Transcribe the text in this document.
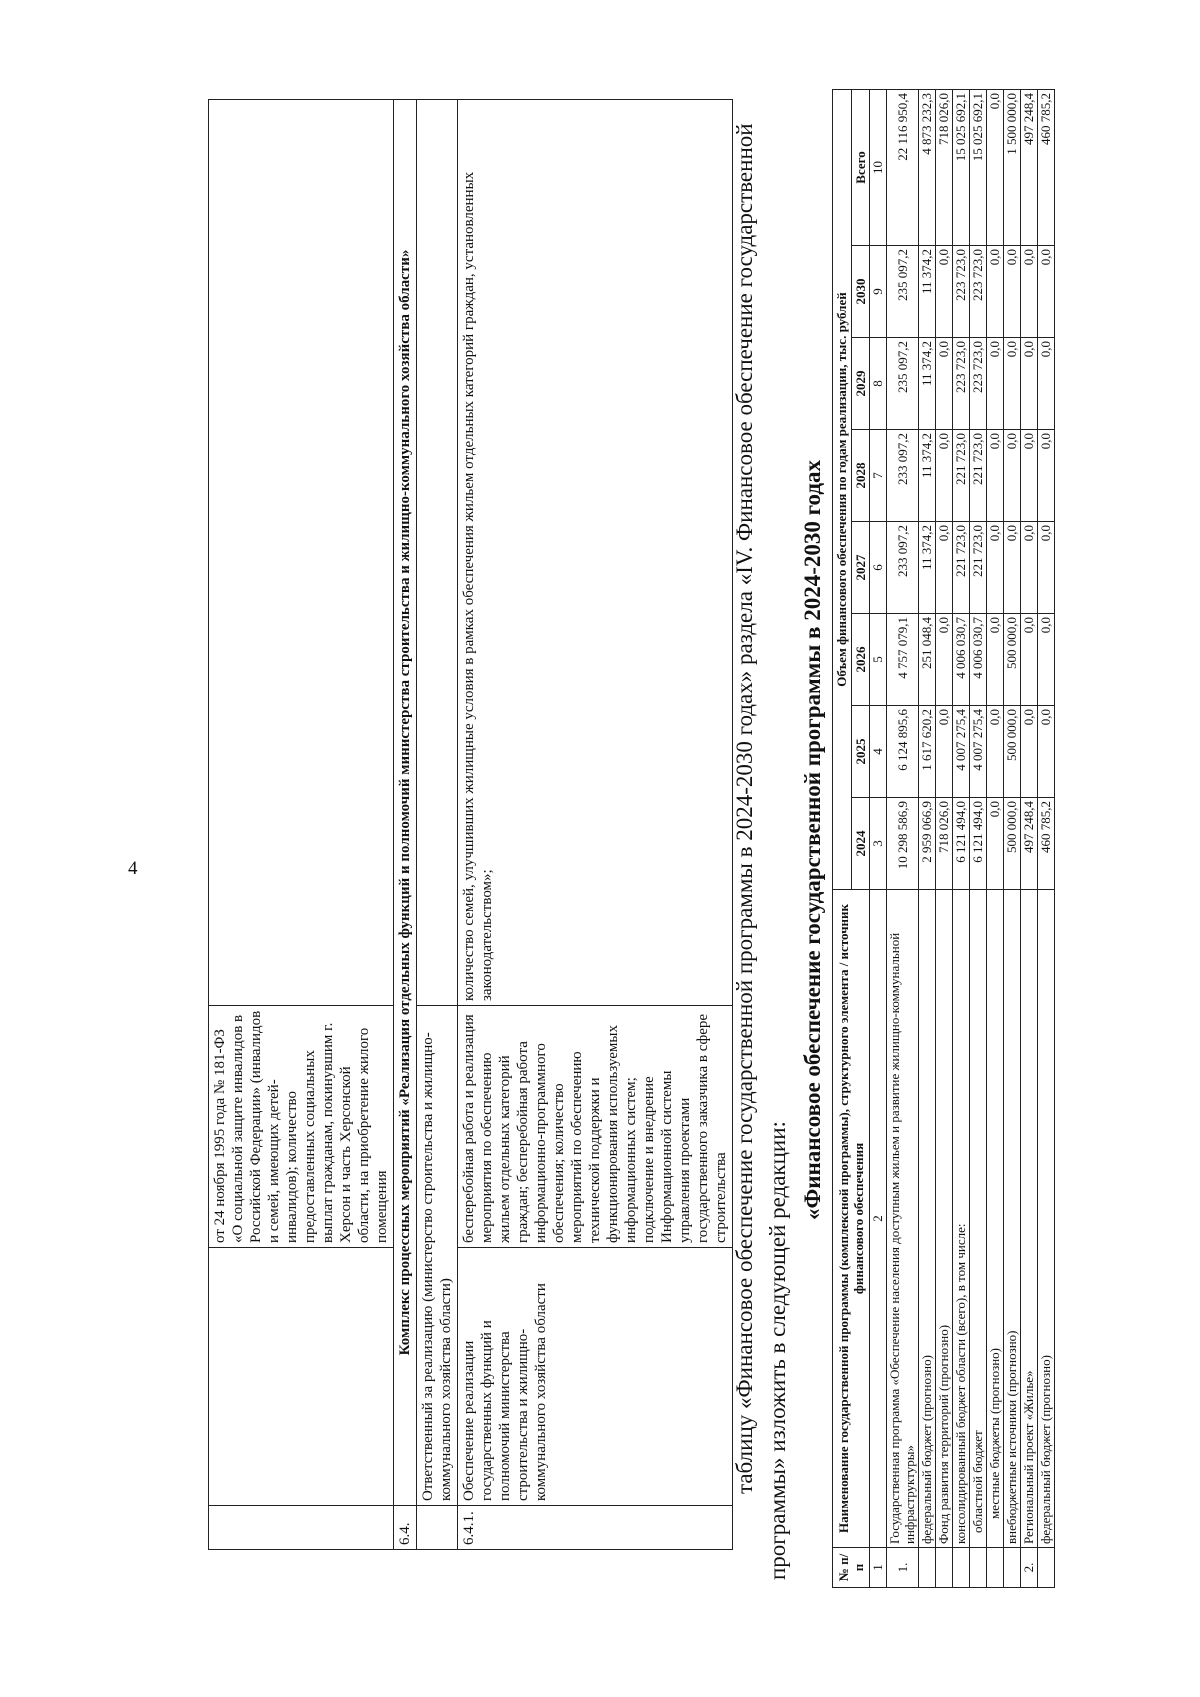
4
		от 24 ноября 1995 года № 181-ФЗ «О социальной защите инвалидов в Российской Федерации» (инвалидов и семей, имеющих детей-инвалидов); количество предоставленных социальных выплат гражданам, покинувшим г. Херсон и часть Херсонской области, на приобретение жилого помещения	
6.4.	Комплекс процессных мероприятий «Реализация отдельных функций и полномочий министерства строительства и жилищно-коммунального хозяйства области»		
	Ответственный за реализацию (министерство строительства и жилищно-коммунального хозяйства области)		
6.4.1.	Обеспечение реализации государственных функций и полномочий министерства строительства и жилищно-коммунального хозяйства области	бесперебойная работа и реализация мероприятия по обеспечению жильем отдельных категорий граждан; бесперебойная работа информационно-программного обеспечения; количество мероприятий по обеспечению технической поддержки и функционирования используемых информационных систем; подключение и внедрение Информационной системы управления проектами государственного заказчика в сфере строительства	количество семей, улучшивших жилищные условия в рамках обеспечения жильем отдельных категорий граждан, установленных законодательством»;	таблицу «Финансовое обеспечение государственной программы в 2024-2030 годах» раздела «IV. Финансовое обеспечение государственной программы» изложить в следующей редакции:

«Финансовое обеспечение государственной программы в 2024-2030 годах

№ п/п	Наименование государственной программы (комплексной программы), структурного элемента / источник финансового обеспечения	Объем финансового обеспечения по годам реализации, тыс. рублей							
		2024	2025	2026	2027	2028	2029	2030	Всего
1	2	3	4	5	6	7	8	9	10
1.	Государственная программа «Обеспечение населения доступным жильем и развитие жилищно-коммунальной инфраструктуры»	10 298 586,9	6 124 895,6	4 757 079,1	233 097,2	233 097,2	235 097,2	235 097,2	22 116 950,4
	федеральный бюджет (прогнозно)	2 959 066,9	1 617 620,2	251 048,4	11 374,2	11 374,2	11 374,2	11 374,2	4 873 232,3
	Фонд развития территорий (прогнозно)	718 026,0	0,0	0,0	0,0	0,0	0,0	0,0	718 026,0
	консолидированный бюджет области (всего), в том числе:	6 121 494,0	4 007 275,4	4 006 030,7	221 723,0	221 723,0	223 723,0	223 723,0	15 025 692,1
	областной бюджет	6 121 494,0	4 007 275,4	4 006 030,7	221 723,0	221 723,0	223 723,0	223 723,0	15 025 692,1
	местные бюджеты (прогнозно)	0,0	0,0	0,0	0,0	0,0	0,0	0,0	0,0
	внебюджетные источники (прогнозно)	500 000,0	500 000,0	500 000,0	0,0	0,0	0,0	0,0	1 500 000,0
2.	Региональный проект «Жилье»	497 248,4	0,0	0,0	0,0	0,0	0,0	0,0	497 248,4
	федеральный бюджет (прогнозно)	460 785,2	0,0	0,0	0,0	0,0	0,0	0,0	460 785,2
